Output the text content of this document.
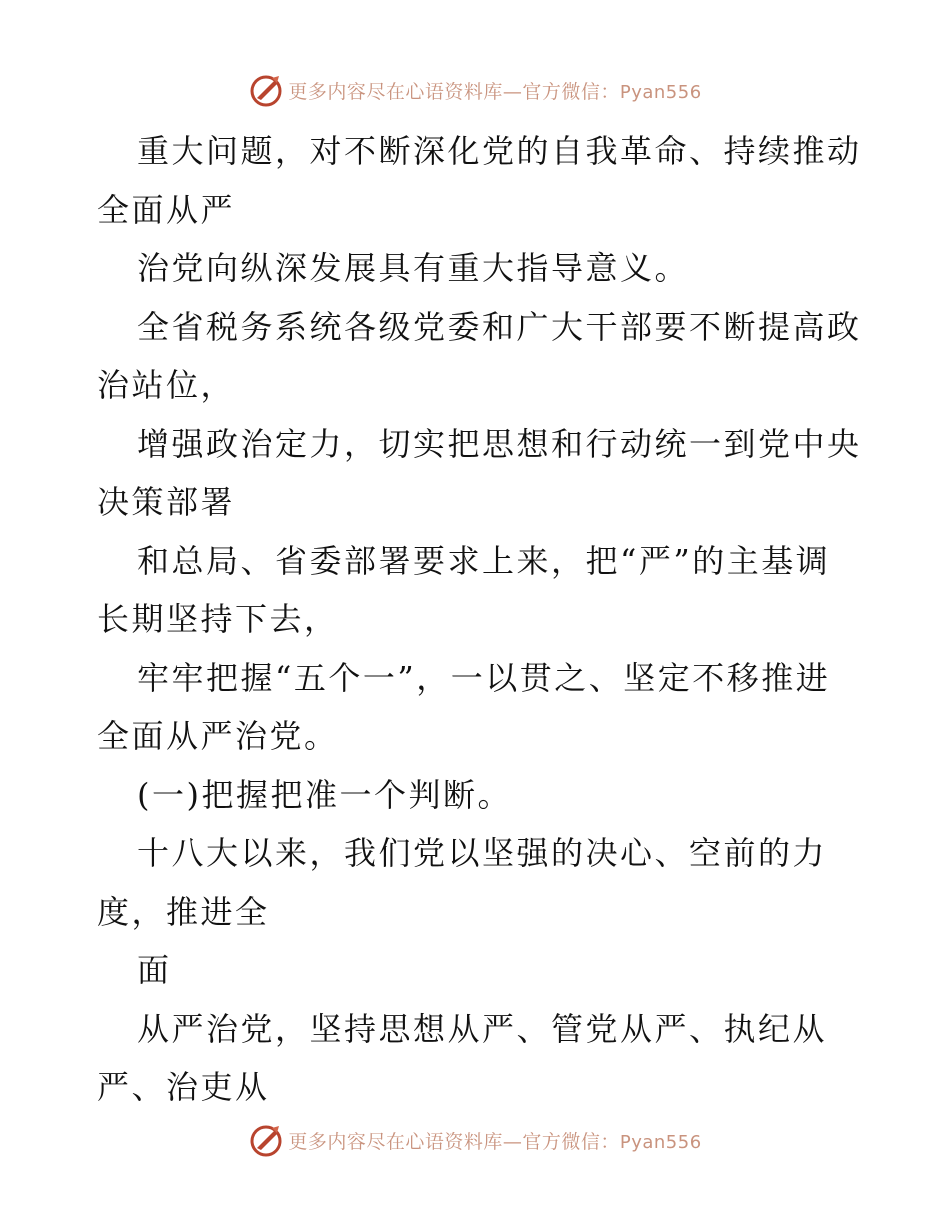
更多内容尽在心语资料库—官方微信：Pyan556
重大问题，对不断深化党的自我革命、持续推动
全面从严
治党向纵深发展具有重大指导意义。
全省税务系统各级党委和广大干部要不断提高政
治站位，
增强政治定力，切实把思想和行动统一到党中央
决策部署
和总局、省委部署要求上来，把“严”的主基调
长期坚持下去，
牢牢把握“五个一”，一以贯之、坚定不移推进
全面从严治党。
(一)把握把准一个判断。
十八大以来，我们党以坚强的决心、空前的力
度，推进全
面
从严治党，坚持思想从严、管党从严、执纪从
严、治吏从
更多内容尽在心语资料库—官方微信：Pyan556
